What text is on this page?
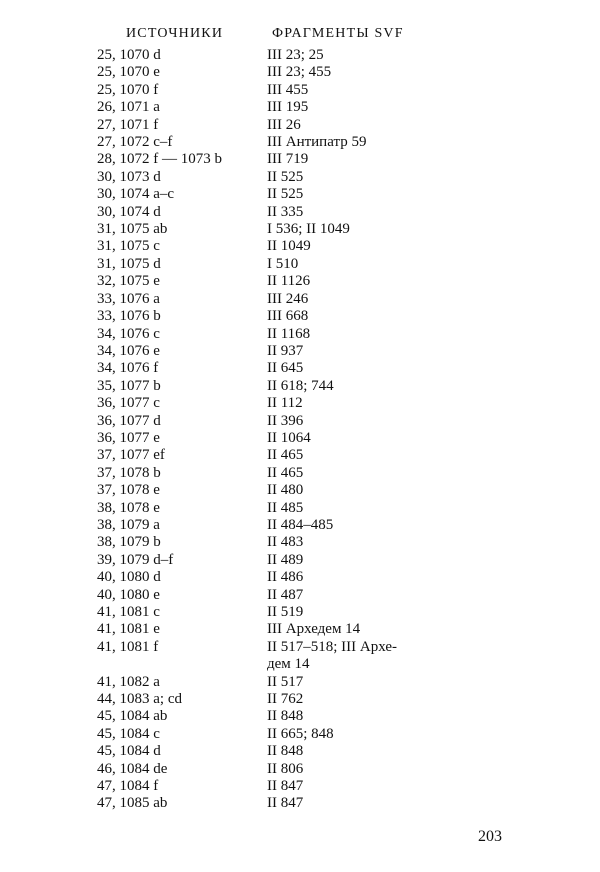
ИСТОЧНИКИ	ФРАГМЕНТЫ SVF
25, 1070 d	III 23; 25
25, 1070 e	III 23; 455
25, 1070 f	III 455
26, 1071 a	III 195
27, 1071 f	III 26
27, 1072 c–f	III Антипатр 59
28, 1072 f — 1073 b	III 719
30, 1073 d	II 525
30, 1074 a–c	II 525
30, 1074 d	II 335
31, 1075 ab	I 536; II 1049
31, 1075 c	II 1049
31, 1075 d	I 510
32, 1075 e	II 1126
33, 1076 a	III 246
33, 1076 b	III 668
34, 1076 c	II 1168
34, 1076 e	II 937
34, 1076 f	II 645
35, 1077 b	II 618; 744
36, 1077 c	II 112
36, 1077 d	II 396
36, 1077 e	II 1064
37, 1077 ef	II 465
37, 1078 b	II 465
37, 1078 e	II 480
38, 1078 e	II 485
38, 1079 a	II 484–485
38, 1079 b	II 483
39, 1079 d–f	II 489
40, 1080 d	II 486
40, 1080 e	II 487
41, 1081 c	II 519
41, 1081 e	III Архедем 14
41, 1081 f	II 517–518; III Архе-
дем 14
41, 1082 a	II 517
44, 1083 a; cd	II 762
45, 1084 ab	II 848
45, 1084 c	II 665; 848
45, 1084 d	II 848
46, 1084 de	II 806
47, 1084 f	II 847
47, 1085 ab	II 847
203
